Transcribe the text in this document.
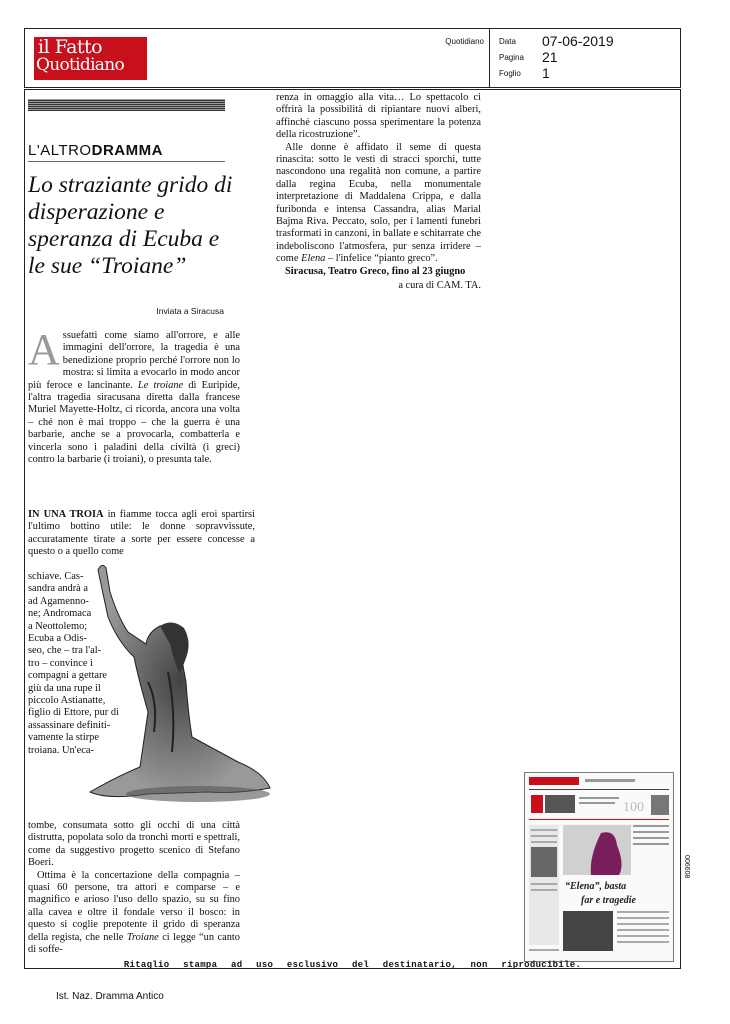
il Fatto
Quotidiano
Quotidiano Data	07-06-2019
Pagina	21
Foglio	1
L'ALTRODRAMMA
Lo straziante grido di disperazione e speranza di Ecuba e le sue “Troiane”
Inviata a Siracusa

Assuefatti come siamo all'orrore, e alle immagini dell'orrore, la tragedia è una benedizione proprio perché l'orrore non lo mostra: si limita a evocarlo in modo ancor più feroce e lancinante. Le troiane di Euripide, l'altra tragedia siracusana diretta dalla francese Muriel Mayette-Holtz, ci ricorda, ancora una volta – ché non è mai troppo – che la guerra è una barbarie, anche se a provocarla, combatterla e vincerla sono i paladini della civiltà (i greci) contro la barbarie (i troiani), o presunta tale.

IN UNA TROIA in fiamme tocca agli eroi spartirsi l'ultimo bottino utile: le donne sopravvissute, accuratamente tirate a sorte per essere concesse a questo o a quello come

tombe, consumata sotto gli occhi di una città distrutta, popolata solo da tronchi morti e spettrali, come da suggestivo progetto scenico di Stefano Boeri.

Ottima è la concertazione della compagnia – quasi 60 persone, tra attori e comparse – e magnifico e arioso l'uso dello spazio, su su fino alla cavea e oltre il fondale verso il bosco: in questo si coglie prepotente il grido di speranza della regista, che nelle Troiane ci legge “un canto di soffe-

renza in omaggio alla vita… Lo spettacolo ci offrirà la possibilità di ripiantare nuovi alberi, affinché ciascuno possa sperimentare la potenza della ricostruzione”.

Alle donne è affidato il seme di questa rinascita: sotto le vesti di stracci sporchi, tutte nascondono una regalità non comune, a partire dalla regina Ecuba, nella monumentale interpretazione di Maddalena Crippa, e dalla furibonda e intensa Cassandra, alias Marial Bajma Riva. Peccato, solo, per i lamenti funebri trasformati in canzoni, in ballate e schitarrate che indeboliscono l'atmosfera, pur senza irridere – come Elena – l'infelice “pianto greco”.

Siracusa, Teatro Greco, fino al 23 giugno

a cura di CAM. TA.

100
“Elena”, basta
far e tragedie
006608
Ritaglio stampa ad uso esclusivo del destinatario, non riproducibile.
Ist. Naz. Dramma Antico
schiave. Cas-
sandra andrà a
ad Agamenno-
ne; Andromaca
a Neottolemo;
Ecuba a Odis-
seo, che – tra l'al-
tro – convince i
compagni a gettare
giù da una rupe il
piccolo Astianatte,
figlio di Ettore, pur di
assassinare definiti-
vamente la stirpe
troiana. Un'eca-
